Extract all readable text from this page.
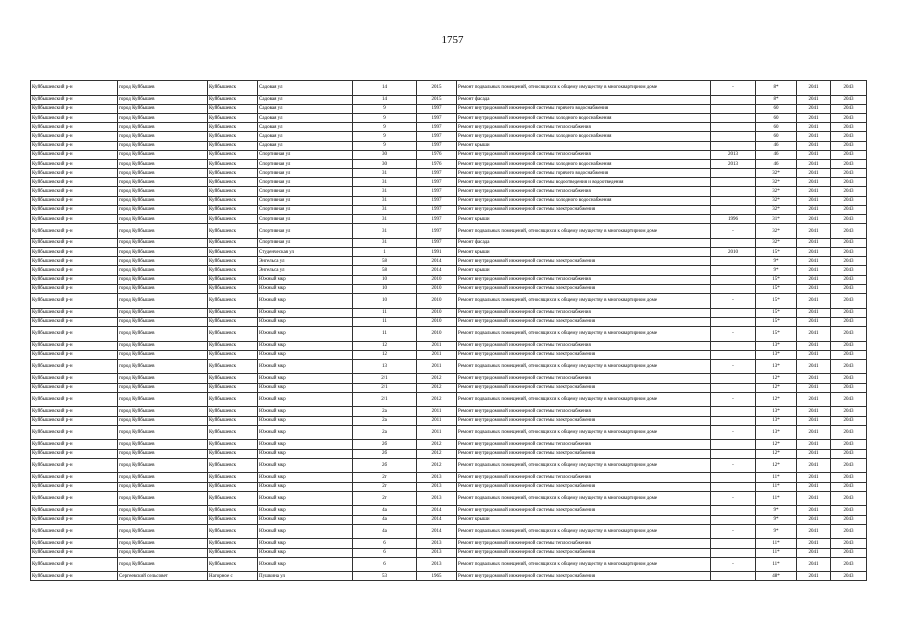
1757
Куйбышевский р-н	город Куйбышев	Куйбышевск	Садовая ул	14	2015	Ремонт подвальных помещений, относящихся к общему имуществу в многоквартирном доме	-	8*	2041	2043
Куйбышевский р-н	город Куйбышев	Куйбышевск	Садовая ул	14	2015	Ремонт фасада		8*	2041	2043
Куйбышевский р-н	город Куйбышев	Куйбышевск	Садовая ул	9	1997	Ремонт внутридомовой инженерной системы горячего водоснабжения		60	2041	2043
Куйбышевский р-н	город Куйбышев	Куйбышевск	Садовая ул	9	1997	Ремонт внутридомовой инженерной системы холодного водоснабжения		60	2041	2043
Куйбышевский р-н	город Куйбышев	Куйбышевск	Садовая ул	9	1997	Ремонт внутридомовой инженерной системы теплоснабжения		60	2041	2043
Куйбышевский р-н	город Куйбышев	Куйбышевск	Садовая ул	9	1997	Ремонт внутридомовой инженерной системы холодного водоснабжения		60	2041	2043
Куйбышевский р-н	город Куйбышев	Куйбышевск	Садовая ул	9	1997	Ремонт крыши		46	2041	2043
Куйбышевский р-н	город Куйбышев	Куйбышевск	Спортивная ул	30	1976	Ремонт внутридомовой инженерной системы теплоснабжения	2013	46	2041	2043
Куйбышевский р-н	город Куйбышев	Куйбышевск	Спортивная ул	30	1976	Ремонт внутридомовой инженерной системы холодного водоснабжения	2013	46	2041	2043
Куйбышевский р-н	город Куйбышев	Куйбышевск	Спортивная ул	31	1997	Ремонт внутридомовой инженерной системы горячего водоснабжения		32*	2041	2043
Куйбышевский р-н	город Куйбышев	Куйбышевск	Спортивная ул	31	1997	Ремонт внутридомовой инженерной системы водоотведения и водоотведения		32*	2041	2043
Куйбышевский р-н	город Куйбышев	Куйбышевск	Спортивная ул	31	1997	Ремонт внутридомовой инженерной системы теплоснабжения		32*	2041	2043
Куйбышевский р-н	город Куйбышев	Куйбышевск	Спортивная ул	31	1997	Ремонт внутридомовой инженерной системы холодного водоснабжения		32*	2041	2043
Куйбышевский р-н	город Куйбышев	Куйбышевск	Спортивная ул	31	1997	Ремонт внутридомовой инженерной системы электроснабжения		32*	2041	2043
Куйбышевский р-н	город Куйбышев	Куйбышевск	Спортивная ул	31	1997	Ремонт крыши	1996	31*	2041	2043
Куйбышевский р-н	город Куйбышев	Куйбышевск	Спортивная ул	31	1997	Ремонт подвальных помещений, относящихся к общему имуществу в многоквартирном доме	-	32*	2041	2043
Куйбышевский р-н	город Куйбышев	Куйбышевск	Спортивная ул	31	1997	Ремонт фасада		32*	2041	2043
Куйбышевский р-н	город Куйбышев	Куйбышевск	Студенческая ул	1	1991	Ремонт крыши	2010	15*	2041	2043
Куйбышевский р-н	город Куйбышев	Куйбышевск	Энгельса ул	58	2014	Ремонт внутридомовой инженерной системы электроснабжения		9*	2041	2043
Куйбышевский р-н	город Куйбышев	Куйбышевск	Энгельса ул	58	2014	Ремонт крыши		9*	2041	2043
Куйбышевский р-н	город Куйбышев	Куйбышевск	Южный мкр	10	2010	Ремонт внутридомовой инженерной системы теплоснабжения		15*	2041	2043
Куйбышевский р-н	город Куйбышев	Куйбышевск	Южный мкр	10	2010	Ремонт внутридомовой инженерной системы электроснабжения		15*	2041	2043
Куйбышевский р-н	город Куйбышев	Куйбышевск	Южный мкр	10	2010	Ремонт подвальных помещений, относящихся к общему имуществу в многоквартирном доме	-	15*	2041	2043
Куйбышевский р-н	город Куйбышев	Куйбышевск	Южный мкр	11	2010	Ремонт внутридомовой инженерной системы теплоснабжения		15*	2041	2043
Куйбышевский р-н	город Куйбышев	Куйбышевск	Южный мкр	11	2010	Ремонт внутридомовой инженерной системы электроснабжения		15*	2041	2043
Куйбышевский р-н	город Куйбышев	Куйбышевск	Южный мкр	11	2010	Ремонт подвальных помещений, относящихся к общему имуществу в многоквартирном доме	-	15*	2041	2043
Куйбышевский р-н	город Куйбышев	Куйбышевск	Южный мкр	12	2011	Ремонт внутридомовой инженерной системы теплоснабжения		13*	2041	2043
Куйбышевский р-н	город Куйбышев	Куйбышевск	Южный мкр	12	2011	Ремонт внутридомовой инженерной системы электроснабжения		13*	2041	2043
Куйбышевский р-н	город Куйбышев	Куйбышевск	Южный мкр	13	2011	Ремонт подвальных помещений, относящихся к общему имуществу в многоквартирном доме	-	13*	2041	2043
Куйбышевский р-н	город Куйбышев	Куйбышевск	Южный мкр	2/1	2012	Ремонт внутридомовой инженерной системы теплоснабжения		12*	2041	2043
Куйбышевский р-н	город Куйбышев	Куйбышевск	Южный мкр	2/1	2012	Ремонт внутридомовой инженерной системы электроснабжения		12*	2041	2043
Куйбышевский р-н	город Куйбышев	Куйбышевск	Южный мкр	2/1	2012	Ремонт подвальных помещений, относящихся к общему имуществу в многоквартирном доме	-	12*	2041	2043
Куйбышевский р-н	город Куйбышев	Куйбышевск	Южный мкр	2а	2011	Ремонт внутридомовой инженерной системы теплоснабжения		13*	2041	2043
Куйбышевский р-н	город Куйбышев	Куйбышевск	Южный мкр	2а	2011	Ремонт внутридомовой инженерной системы электроснабжения		13*	2041	2043
Куйбышевский р-н	город Куйбышев	Куйбышевск	Южный мкр	2а	2011	Ремонт подвальных помещений, относящихся к общему имуществу в многоквартирном доме	-	13*	2041	2043
Куйбышевский р-н	город Куйбышев	Куйбышевск	Южный мкр	2б	2012	Ремонт внутридомовой инженерной системы теплоснабжения		12*	2041	2043
Куйбышевский р-н	город Куйбышев	Куйбышевск	Южный мкр	2б	2012	Ремонт внутридомовой инженерной системы электроснабжения		12*	2041	2043
Куйбышевский р-н	город Куйбышев	Куйбышевск	Южный мкр	2б	2012	Ремонт подвальных помещений, относящихся к общему имуществу в многоквартирном доме	-	12*	2041	2043
Куйбышевский р-н	город Куйбышев	Куйбышевск	Южный мкр	2г	2013	Ремонт внутридомовой инженерной системы теплоснабжения		11*	2041	2043
Куйбышевский р-н	город Куйбышев	Куйбышевск	Южный мкр	2г	2013	Ремонт внутридомовой инженерной системы электроснабжения		11*	2041	2043
Куйбышевский р-н	город Куйбышев	Куйбышевск	Южный мкр	2г	2013	Ремонт подвальных помещений, относящихся к общему имуществу в многоквартирном доме	-	11*	2041	2043
Куйбышевский р-н	город Куйбышев	Куйбышевск	Южный мкр	4а	2014	Ремонт внутридомовой инженерной системы электроснабжения		9*	2041	2043
Куйбышевский р-н	город Куйбышев	Куйбышевск	Южный мкр	4а	2014	Ремонт крыши		9*	2041	2043
Куйбышевский р-н	город Куйбышев	Куйбышевск	Южный мкр	4а	2014	Ремонт подвальных помещений, относящихся к общему имуществу в многоквартирном доме	-	9*	2041	2043
Куйбышевский р-н	город Куйбышев	Куйбышевск	Южный мкр	6	2013	Ремонт внутридомовой инженерной системы теплоснабжения		11*	2041	2043
Куйбышевский р-н	город Куйбышев	Куйбышевск	Южный мкр	6	2013	Ремонт внутридомовой инженерной системы электроснабжения		11*	2041	2043
Куйбышевский р-н	город Куйбышев	Куйбышевск	Южный мкр	6	2013	Ремонт подвальных помещений, относящихся к общему имуществу в многоквартирном доме	-	11*	2041	2043
Куйбышевский р-н	Сергеевский сельсовет	Нагорное с	Пушкина ул	53	1965	Ремонт внутридомовой инженерной системы электроснабжения		48*	2041	2043
